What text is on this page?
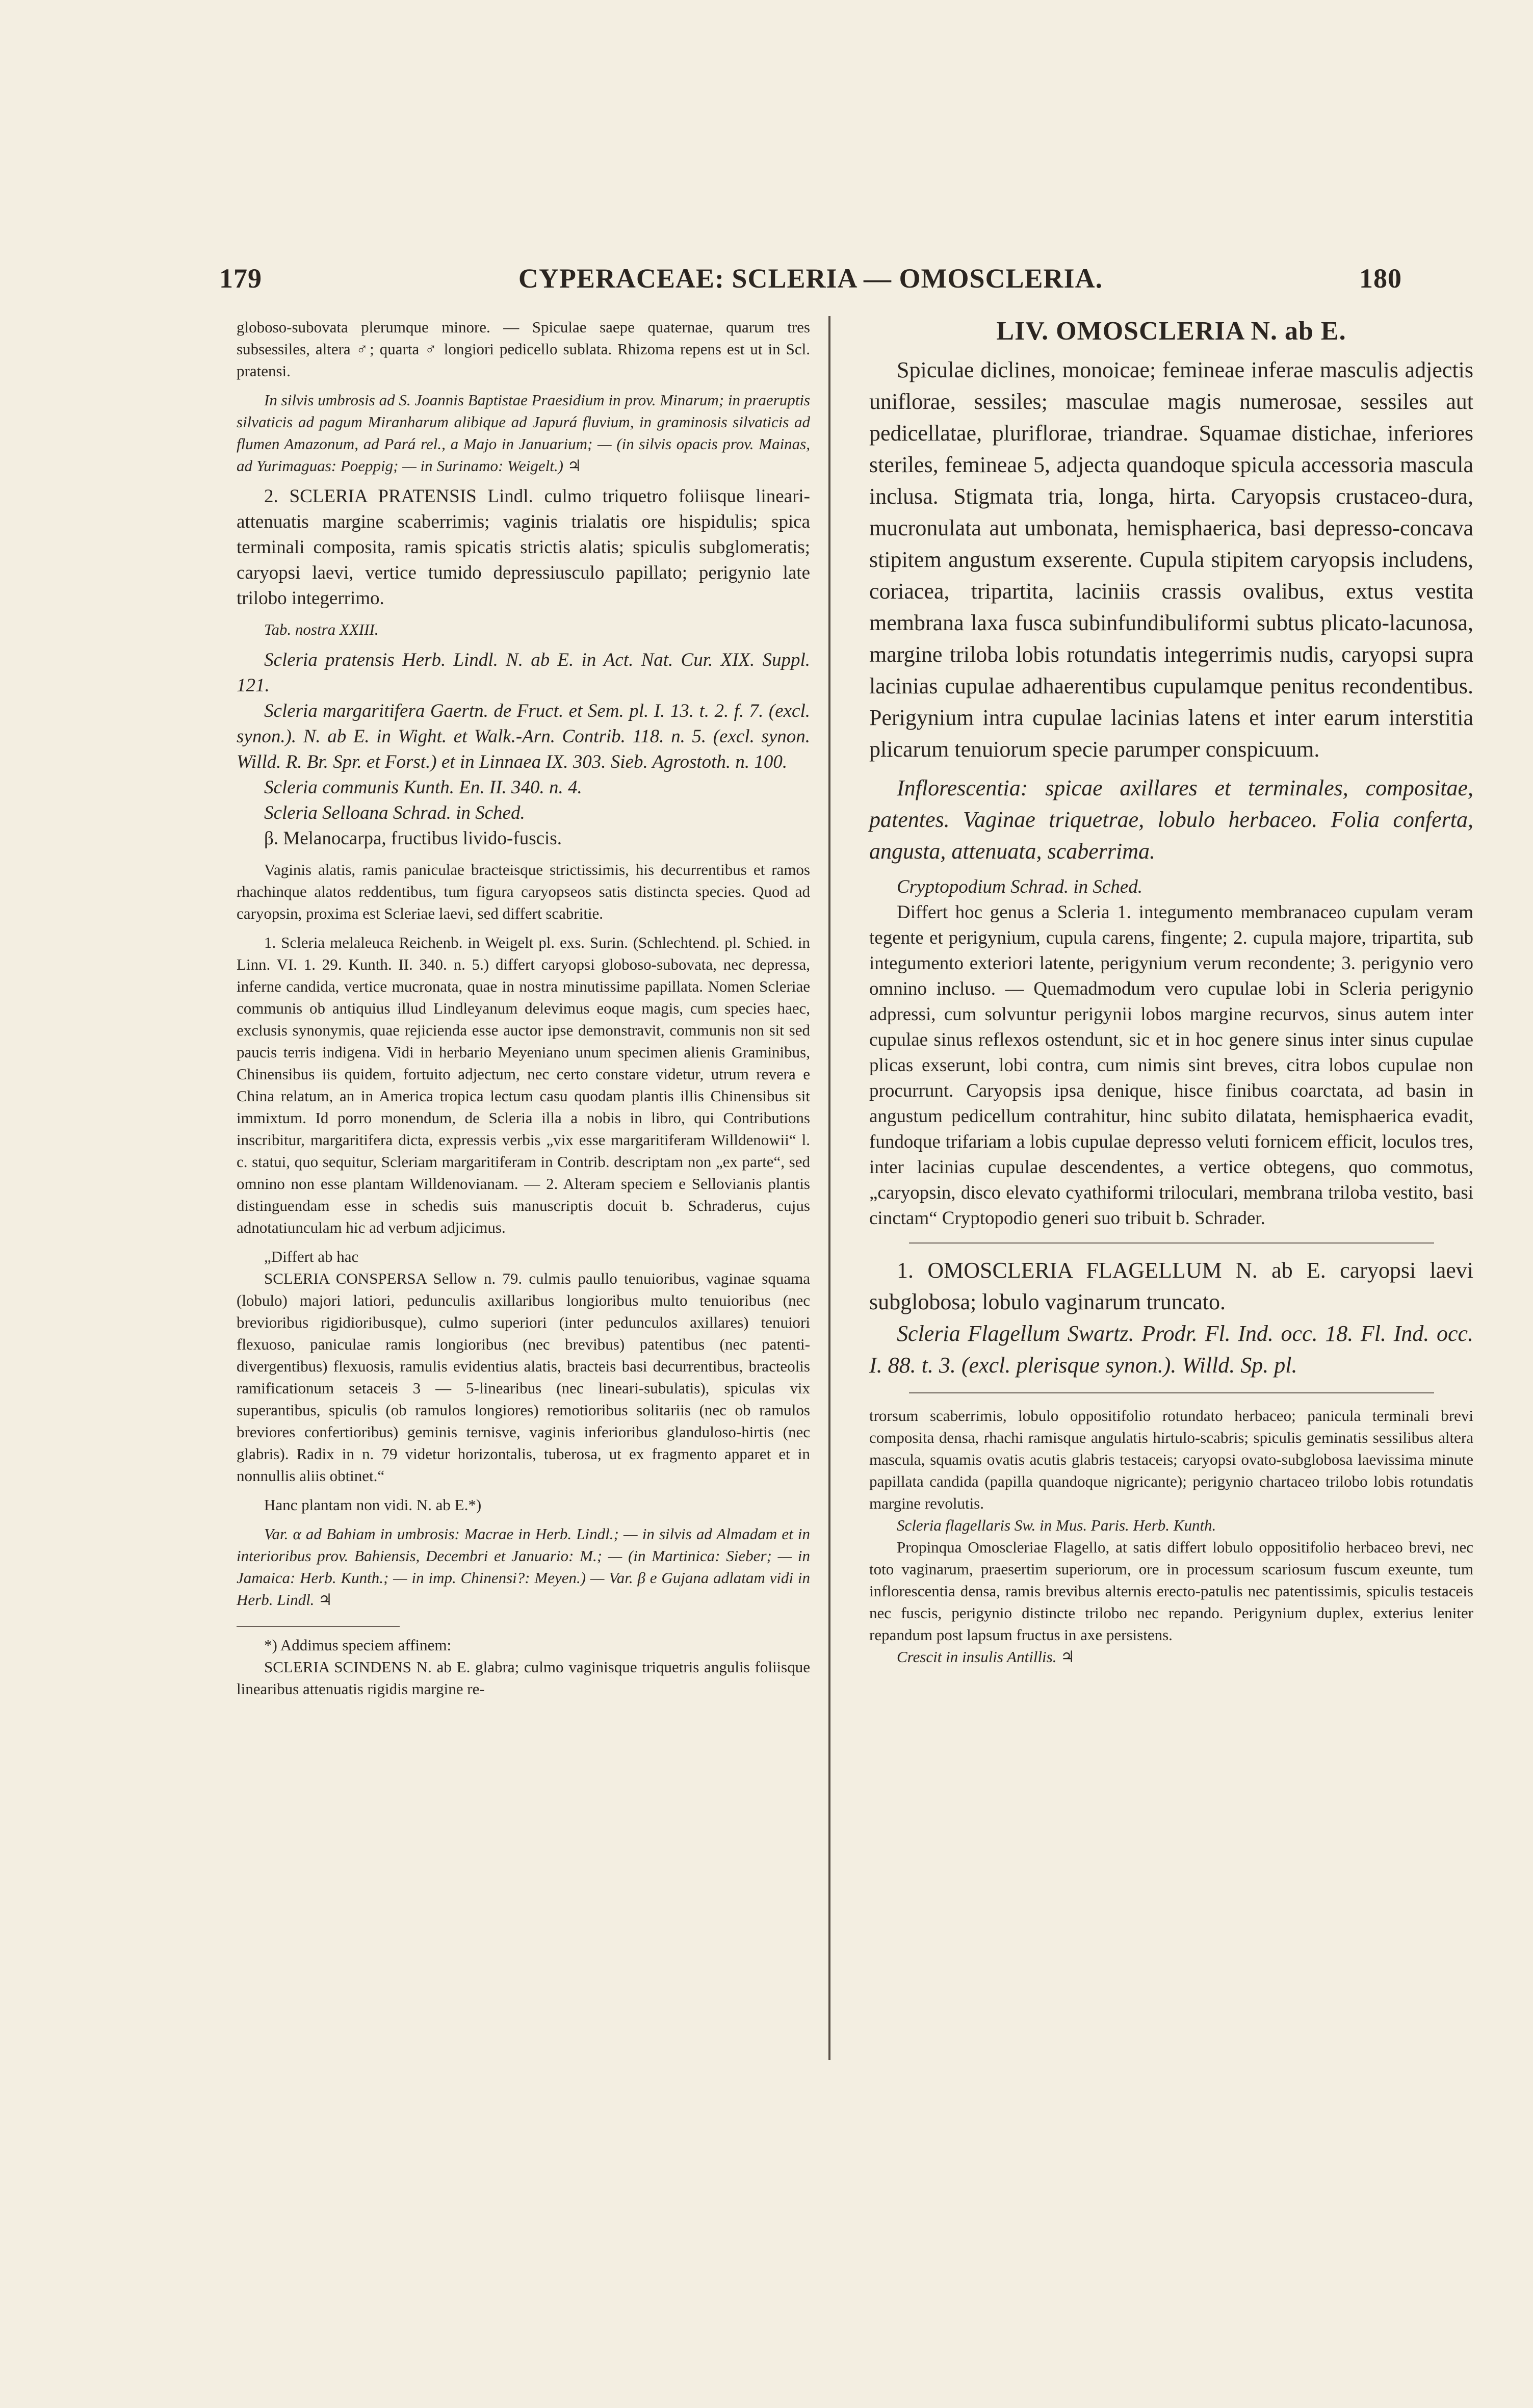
179	CYPERACEAE: SCLERIA — OMOSCLERIA.	180

globoso-subovata plerumque minore. — Spiculae saepe quaternae, quarum tres subsessiles, altera ♂; quarta ♂ longiori pedicello sublata. Rhizoma repens est ut in Scl. pratensi.

In silvis umbrosis ad S. Joannis Baptistae Praesidium in prov. Minarum; in praeruptis silvaticis ad pagum Miranharum alibique ad Japurá fluvium, in graminosis silvaticis ad flumen Amazonum, ad Pará rel., a Majo in Januarium; — (in silvis opacis prov. Mainas, ad Yurimaguas: Poeppig; — in Surinamo: Weigelt.) ♃

2. SCLERIA PRATENSIS Lindl. culmo triquetro foliisque lineari-attenuatis margine scaberrimis; vaginis trialatis ore hispidulis; spica terminali composita, ramis spicatis strictis alatis; spiculis subglomeratis; caryopsi laevi, vertice tumido depressiusculo papillato; perigynio late trilobo integerrimo.

Tab. nostra XXIII.

Scleria pratensis Herb. Lindl. N. ab E. in Act. Nat. Cur. XIX. Suppl. 121.

Scleria margaritifera Gaertn. de Fruct. et Sem. pl. I. 13. t. 2. f. 7. (excl. synon.). N. ab E. in Wight. et Walk.-Arn. Contrib. 118. n. 5. (excl. synon. Willd. R. Br. Spr. et Forst.) et in Linnaea IX. 303. Sieb. Agrostoth. n. 100.

Scleria communis Kunth. En. II. 340. n. 4.

Scleria Selloana Schrad. in Sched.

β. Melanocarpa, fructibus livido-fuscis.

Vaginis alatis, ramis paniculae bracteisque strictissimis, his decurrentibus et ramos rhachinque alatos reddentibus, tum figura caryopseos satis distincta species. Quod ad caryopsin, proxima est Scleriae laevi, sed differt scabritie.

1. Scleria melaleuca Reichenb. in Weigelt pl. exs. Surin. (Schlechtend. pl. Schied. in Linn. VI. 1. 29. Kunth. II. 340. n. 5.) differt caryopsi globoso-subovata, nec depressa, inferne candida, vertice mucronata, quae in nostra minutissime papillata. Nomen Scleriae communis ob antiquius illud Lindleyanum delevimus eoque magis, cum species haec, exclusis synonymis, quae rejicienda esse auctor ipse demonstravit, communis non sit sed paucis terris indigena. Vidi in herbario Meyeniano unum specimen alienis Graminibus, Chinensibus iis quidem, fortuito adjectum, nec certo constare videtur, utrum revera e China relatum, an in America tropica lectum casu quodam plantis illis Chinensibus sit immixtum. Id porro monendum, de Scleria illa a nobis in libro, qui Contributions inscribitur, margaritifera dicta, expressis verbis „vix esse margaritiferam Willdenowii“ l. c. statui, quo sequitur, Scleriam margaritiferam in Contrib. descriptam non „ex parte“, sed omnino non esse plantam Willdenovianam. — 2. Alteram speciem e Sellovianis plantis distinguendam esse in schedis suis manuscriptis docuit b. Schraderus, cujus adnotatiunculam hic ad verbum adjicimus.

„Differt ab hac

SCLERIA CONSPERSA Sellow n. 79. culmis paullo tenuioribus, vaginae squama (lobulo) majori latiori, pedunculis axillaribus longioribus multo tenuioribus (nec brevioribus rigidioribusque), culmo superiori (inter pedunculos axillares) tenuiori flexuoso, paniculae ramis longioribus (nec brevibus) patentibus (nec patenti-divergentibus) flexuosis, ramulis evidentius alatis, bracteis basi decurrentibus, bracteolis ramificationum setaceis 3 — 5-linearibus (nec lineari-subulatis), spiculas vix superantibus, spiculis (ob ramulos longiores) remotioribus solitariis (nec ob ramulos breviores confertioribus) geminis ternisve, vaginis inferioribus glanduloso-hirtis (nec glabris). Radix in n. 79 videtur horizontalis, tuberosa, ut ex fragmento apparet et in nonnullis aliis obtinet.“

Hanc plantam non vidi. N. ab E.*)

Var. α ad Bahiam in umbrosis: Macrae in Herb. Lindl.; — in silvis ad Almadam et in interioribus prov. Bahiensis, Decembri et Januario: M.; — (in Martinica: Sieber; — in Jamaica: Herb. Kunth.; — in imp. Chinensi?: Meyen.) — Var. β e Gujana adlatam vidi in Herb. Lindl. ♃

*) Addimus speciem affinem:

SCLERIA SCINDENS N. ab E. glabra; culmo vaginisque triquetris angulis foliisque linearibus attenuatis rigidis margine re-

LIV. OMOSCLERIA N. ab E.

Spiculae diclines, monoicae; femineae inferae masculis adjectis uniflorae, sessiles; masculae magis numerosae, sessiles aut pedicellatae, pluriflorae, triandrae. Squamae distichae, inferiores steriles, femineae 5, adjecta quandoque spicula accessoria mascula inclusa. Stigmata tria, longa, hirta. Caryopsis crustaceo-dura, mucronulata aut umbonata, hemisphaerica, basi depresso-concava stipitem angustum exserente. Cupula stipitem caryopsis includens, coriacea, tripartita, laciniis crassis ovalibus, extus vestita membrana laxa fusca subinfundibuliformi subtus plicato-lacunosa, margine triloba lobis rotundatis integerrimis nudis, caryopsi supra lacinias cupulae adhaerentibus cupulamque penitus recondentibus. Perigynium intra cupulae lacinias latens et inter earum interstitia plicarum tenuiorum specie parumper conspicuum.

Inflorescentia: spicae axillares et terminales, compositae, patentes. Vaginae triquetrae, lobulo herbaceo. Folia conferta, angusta, attenuata, scaberrima.

Cryptopodium Schrad. in Sched.

Differt hoc genus a Scleria 1. integumento membranaceo cupulam veram tegente et perigynium, cupula carens, fingente; 2. cupula majore, tripartita, sub integumento exteriori latente, perigynium verum recondente; 3. perigynio vero omnino incluso. — Quemadmodum vero cupulae lobi in Scleria perigynio adpressi, cum solvuntur perigynii lobos margine recurvos, sinus autem inter cupulae sinus reflexos ostendunt, sic et in hoc genere sinus inter sinus cupulae plicas exserunt, lobi contra, cum nimis sint breves, citra lobos cupulae non procurrunt. Caryopsis ipsa denique, hisce finibus coarctata, ad basin in angustum pedicellum contrahitur, hinc subito dilatata, hemisphaerica evadit, fundoque trifariam a lobis cupulae depresso veluti fornicem efficit, loculos tres, inter lacinias cupulae descendentes, a vertice obtegens, quo commotus, „caryopsin, disco elevato cyathiformi triloculari, membrana triloba vestito, basi cinctam“ Cryptopodio generi suo tribuit b. Schrader.

1. OMOSCLERIA FLAGELLUM N. ab E. caryopsi laevi subglobosa; lobulo vaginarum truncato.

Scleria Flagellum Swartz. Prodr. Fl. Ind. occ. 18. Fl. Ind. occ. I. 88. t. 3. (excl. plerisque synon.). Willd. Sp. pl.

trorsum scaberrimis, lobulo oppositifolio rotundato herbaceo; panicula terminali brevi composita densa, rhachi ramisque angulatis hirtulo-scabris; spiculis geminatis sessilibus altera mascula, squamis ovatis acutis glabris testaceis; caryopsi ovato-subglobosa laevissima minute papillata candida (papilla quandoque nigricante); perigynio chartaceo trilobo lobis rotundatis margine revolutis.

Scleria flagellaris Sw. in Mus. Paris. Herb. Kunth.

Propinqua Omoscleriae Flagello, at satis differt lobulo oppositifolio herbaceo brevi, nec toto vaginarum, praesertim superiorum, ore in processum scariosum fuscum exeunte, tum inflorescentia densa, ramis brevibus alternis erecto-patulis nec patentissimis, spiculis testaceis nec fuscis, perigynio distincte trilobo nec repando. Perigynium duplex, exterius leniter repandum post lapsum fructus in axe persistens.

Crescit in insulis Antillis. ♃
